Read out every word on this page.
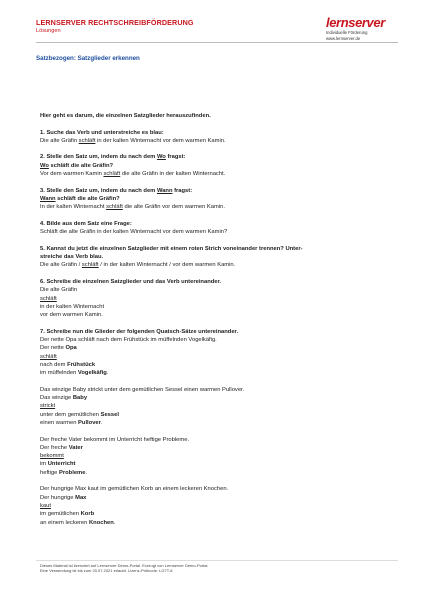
LERNSERVER RECHTSCHREIBFÖRDERUNG
Lösungen
lernserver
Individuelle Förderung
www.lernserver.de
Satzbezogen: Satzglieder erkennen

Hier geht es darum, die einzelnen Satzglieder herauszufinden.

1. Suche das Verb und unterstreiche es blau:

Die alte Gräfin schläft in der kalten Winternacht vor dem warmen Kamin.

2. Stelle den Satz um, indem du nach dem Wo fragst:

Wo schläft die alte Gräfin?

Vor dem warmen Kamin schläft die alte Gräfin in der kalten Winternacht.

3. Stelle den Satz um, indem du nach dem Wann fragst:

Wann schläft die alte Gräfin?

In der kalten Winternacht schläft die alte Gräfin vor dem warmen Kamin.

4. Bilde aus dem Satz eine Frage:

Schläft die alte Gräfin in der kalten Winternacht vor dem warmen Kamin?

5. Kannst du jetzt die einzelnen Satzglieder mit einem roten Strich voneinander trennen? Unter-

streiche das Verb blau.

Die alte Gräfin / schläft / in der kalten Winternacht / vor dem warmen Kamin.

6. Schreibe die einzelnen Satzglieder und das Verb untereinander.

Die alte Gräfin

schläft

in der kalten Winternacht

vor dem warmen Kamin.

7. Schreibe nun die Glieder der folgenden Quatsch-Sätze untereinander.

Der nette Opa schläft nach dem Frühstück im müffelnden Vogelkäfig.

Der nette Opa

schläft

nach dem Frühstück

im müffelnden Vogelkäfig.

Das winzige Baby strickt unter dem gemütlichen Sessel einen warmen Pullover.

Das winzige Baby

strickt

unter dem gemütlichen Sessel

einen warmen Pullover.

Der freche Vater bekommt im Unterricht heftige Probleme.

Der freche Vater

bekommt

im Unterricht

heftige Probleme.

Der hungrige Max kaut im gemütlichen Korb an einem leckeren Knochen.

Der hungrige Max

kaut

im gemütlichen Korb

an einem leckeren Knochen.

Dieses Material ist lizenziert auf Lernserver Demo-Portal. Erzeugt von Lernserver Demo-Portal.
Eine Verwendung ist bis zum 20.07.2021 erlaubt. Lizenz-Prüfcode: LG7T-6
